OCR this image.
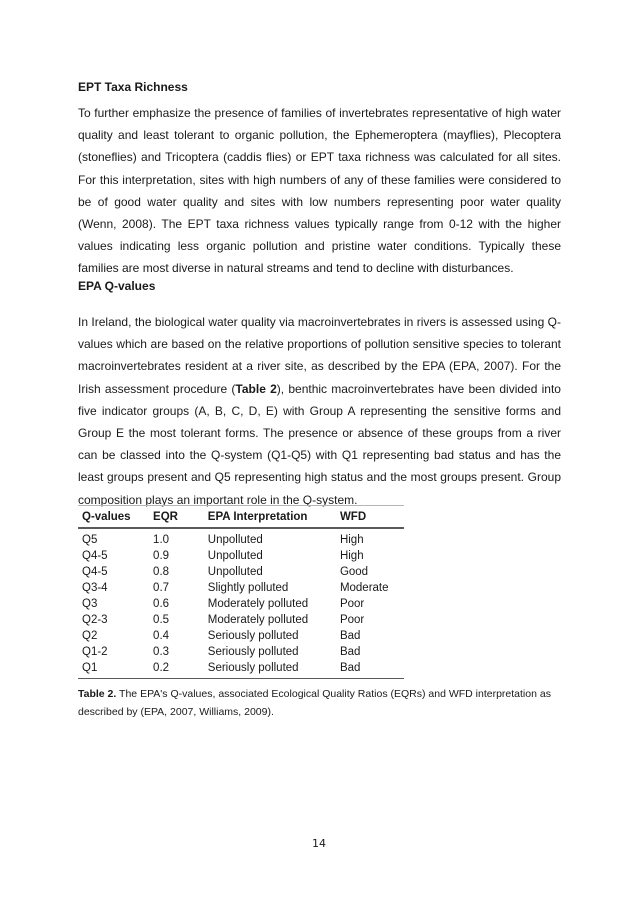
EPT Taxa Richness

To further emphasize the presence of families of invertebrates representative of high water quality and least tolerant to organic pollution, the Ephemeroptera (mayflies), Plecoptera (stoneflies) and Tricoptera (caddis flies) or EPT taxa richness was calculated for all sites. For this interpretation, sites with high numbers of any of these families were considered to be of good water quality and sites with low numbers representing poor water quality (Wenn, 2008). The EPT taxa richness values typically range from 0-12 with the higher values indicating less organic pollution and pristine water conditions. Typically these families are most diverse in natural streams and tend to decline with disturbances.

EPA Q-values

In Ireland, the biological water quality via macroinvertebrates in rivers is assessed using Q-values which are based on the relative proportions of pollution sensitive species to tolerant macroinvertebrates resident at a river site, as described by the EPA (EPA, 2007). For the Irish assessment procedure (Table 2), benthic macroinvertebrates have been divided into five indicator groups (A, B, C, D, E) with Group A representing the sensitive forms and Group E the most tolerant forms. The presence or absence of these groups from a river can be classed into the Q-system (Q1-Q5) with Q1 representing bad status and has the least groups present and Q5 representing high status and the most groups present. Group composition plays an important role in the Q-system.

Q-values	EQR	EPA Interpretation	WFD
Q5	1.0	Unpolluted	High
Q4-5	0.9	Unpolluted	High
Q4-5	0.8	Unpolluted	Good
Q3-4	0.7	Slightly polluted	Moderate
Q3	0.6	Moderately polluted	Poor
Q2-3	0.5	Moderately polluted	Poor
Q2	0.4	Seriously polluted	Bad
Q1-2	0.3	Seriously polluted	Bad
Q1	0.2	Seriously polluted	Bad

Table 2. The EPA's Q-values, associated Ecological Quality Ratios (EQRs) and WFD interpretation as described by (EPA, 2007, Williams, 2009).

14
